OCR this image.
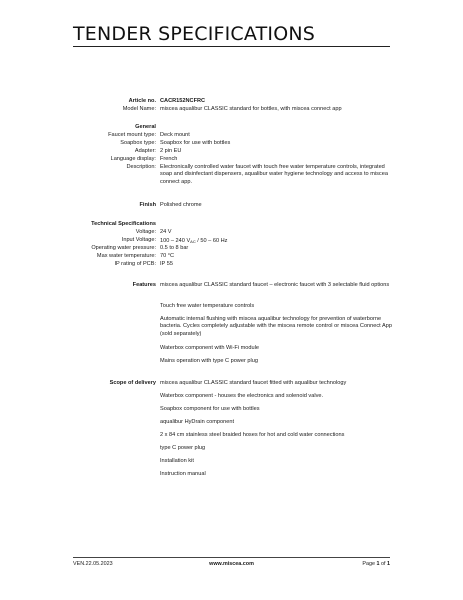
TENDER SPECIFICATIONS
Article no. CACR152NCFRC
Model Name: miscea aqualibur CLASSIC standard for bottles, with miscea connect app
General
Faucet mount type: Deck mount
Soapbox type: Soapbox for use with bottles
Adapter: 2 pin EU
Language display: French
Description: Electronically controlled water faucet with touch free water temperature controls, integrated soap and disinfectant dispensers, aqualibur water hygiene technology and access to miscea connect app.
Finish Polished chrome
Technical Specifications
Voltage: 24 V
Input Voltage: 100 – 240 $V_{AC} / 50 - 60$ Hz
Operating water pressure: 0.5 to 8 bar
Max water temperature: 70 °C
IP rating of PCB: IP 55
Features miscea aqualibur CLASSIC standard faucet – electronic faucet with 3 selectable fluid options
Touch free water temperature controls
Automatic internal flushing with miscea aqualibur technology for prevention of waterborne bacteria. Cycles completely adjustable with the miscea remote control or miscea Connect App (sold separately)
Waterbox component with Wi-Fi module
Mains operation with type C power plug
Scope of delivery miscea aqualibur CLASSIC standard faucet fitted with aqualibur technology
Waterbox component - houses the electronics and solenoid valve.
Soapbox component for use with bottles
aqualibur HyDrain component
2 x 84 cm stainless steel braided hoses for hot and cold water connections
type C power plug
Installation kit
Instruction manual
VEN.22.05.2023	www.miscea.com	Page 1 of 1
